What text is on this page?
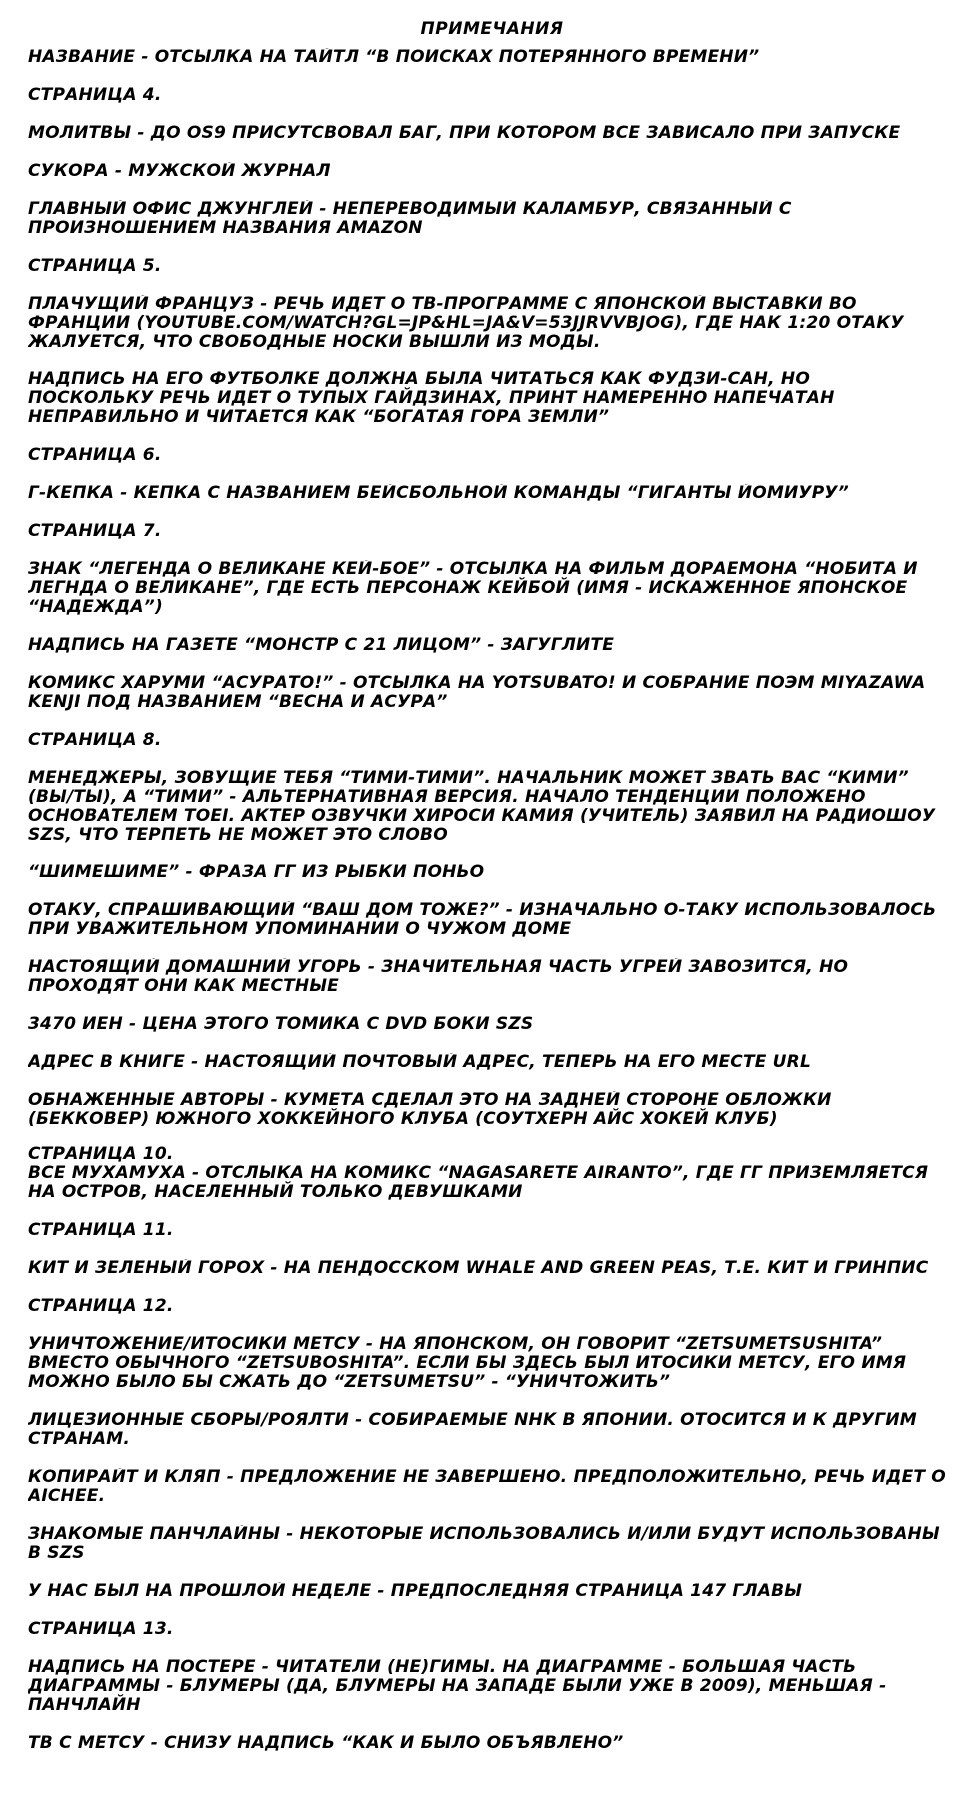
ПРИМЕЧАНИЯ
НАЗВАНИЕ - ОТСЫЛКА НА ТАЙТЛ “В ПОИСКАХ ПОТЕРЯННОГО ВРЕМЕНИ”
СТРАНИЦА 4.
МОЛИТВЫ - ДО OS9 ПРИСУТСВОВАЛ БАГ, ПРИ КОТОРОМ ВСЕ ЗАВИСАЛО ПРИ ЗАПУСКЕ
СУКОРА - МУЖСКОЙ ЖУРНАЛ
ГЛАВНЫЙ ОФИС ДЖУНГЛЕЙ - НЕПЕРЕВОДИМЫЙ КАЛАМБУР, СВЯЗАННЫЙ С
ПРОИЗНОШЕНИЕМ НАЗВАНИЯ AMAZON
СТРАНИЦА 5.
ПЛАЧУЩИЙ ФРАНЦУЗ - РЕЧЬ ИДЕТ О ТВ-ПРОГРАММЕ С ЯПОНСКОЙ ВЫСТАВКИ ВО
ФРАНЦИИ (YOUTUBE.COM/WATCH?GL=JP&HL=JA&V=53JJRVVBJOG), ГДЕ НАК 1:20 ОТАКУ
ЖАЛУЕТСЯ, ЧТО СВОБОДНЫЕ НОСКИ ВЫШЛИ ИЗ МОДЫ.
НАДПИСЬ НА ЕГО ФУТБОЛКЕ ДОЛЖНА БЫЛА ЧИТАТЬСЯ КАК ФУДЗИ-САН, НО
ПОСКОЛЬКУ РЕЧЬ ИДЕТ О ТУПЫХ ГАЙДЗИНАХ, ПРИНТ НАМЕРЕННО НАПЕЧАТАН
НЕПРАВИЛЬНО И ЧИТАЕТСЯ КАК “БОГАТАЯ ГОРА ЗЕМЛИ”
СТРАНИЦА 6.
Г-КЕПКА - КЕПКА С НАЗВАНИЕМ БЕЙСБОЛЬНОЙ КОМАНДЫ “ГИГАНТЫ ЙОМИУРУ”
СТРАНИЦА 7.
ЗНАК “ЛЕГЕНДА О ВЕЛИКАНЕ КЕЙ-БОЕ” - ОТСЫЛКА НА ФИЛЬМ ДОРАЕМОНА “НОБИТА И
ЛЕГНДА О ВЕЛИКАНЕ”, ГДЕ ЕСТЬ ПЕРСОНАЖ КЕЙБОЙ (ИМЯ - ИСКАЖЕННОЕ ЯПОНСКОЕ
“НАДЕЖДА”)
НАДПИСЬ НА ГАЗЕТЕ “МОНСТР С 21 ЛИЦОМ” - ЗАГУГЛИТЕ
КОМИКС ХАРУМИ “АСУРАТО!” - ОТСЫЛКА НА YOTSUBATO! И СОБРАНИЕ ПОЭМ MIYAZAWA
KENJI ПОД НАЗВАНИЕМ “ВЕСНА И АСУРА”
СТРАНИЦА 8.
МЕНЕДЖЕРЫ, ЗОВУЩИЕ ТЕБЯ “ТИМИ-ТИМИ”. НАЧАЛЬНИК МОЖЕТ ЗВАТЬ ВАС “КИМИ”
(ВЫ/ТЫ), А “ТИМИ” - АЛЬТЕРНАТИВНАЯ ВЕРСИЯ. НАЧАЛО ТЕНДЕНЦИИ ПОЛОЖЕНО
ОСНОВАТЕЛЕМ TOEI. АКТЕР ОЗВУЧКИ ХИРОСИ КАМИЯ (УЧИТЕЛЬ) ЗАЯВИЛ НА РАДИОШОУ
SZS, ЧТО ТЕРПЕТЬ НЕ МОЖЕТ ЭТО СЛОВО
“ШИМЕШИМЕ” - ФРАЗА ГГ ИЗ РЫБКИ ПОНЬО
ОТАКУ, СПРАШИВАЮЩИЙ “ВАШ ДОМ ТОЖЕ?” - ИЗНАЧАЛЬНО О-ТАКУ ИСПОЛЬЗОВАЛОСЬ
ПРИ УВАЖИТЕЛЬНОМ УПОМИНАНИИ О ЧУЖОМ ДОМЕ
НАСТОЯЩИЙ ДОМАШНИЙ УГОРЬ - ЗНАЧИТЕЛЬНАЯ ЧАСТЬ УГРЕЙ ЗАВОЗИТСЯ, НО
ПРОХОДЯТ ОНИ КАК МЕСТНЫЕ
3470 ИЕН - ЦЕНА ЭТОГО ТОМИКА С DVD БОКИ SZS
АДРЕС В КНИГЕ - НАСТОЯЩИЙ ПОЧТОВЫЙ АДРЕС, ТЕПЕРЬ НА ЕГО МЕСТЕ URL
ОБНАЖЕННЫЕ АВТОРЫ - КУМЕТА СДЕЛАЛ ЭТО НА ЗАДНЕЙ СТОРОНЕ ОБЛОЖКИ
(БЕККОВЕР) ЮЖНОГО ХОККЕЙНОГО КЛУБА (СОУТХЕРН АЙС ХОКЕЙ КЛУБ)
СТРАНИЦА 10.
ВСЕ МУХАМУХА - ОТСЛЫКА НА КОМИКС “NAGASARETE AIRANTO”, ГДЕ ГГ ПРИЗЕМЛЯЕТСЯ
НА ОСТРОВ, НАСЕЛЕННЫЙ ТОЛЬКО ДЕВУШКАМИ
СТРАНИЦА 11.
КИТ И ЗЕЛЕНЫЙ ГОРОХ - НА ПЕНДОССКОМ WHALE AND GREEN PEAS, Т.Е. КИТ И ГРИНПИС
СТРАНИЦА 12.
УНИЧТОЖЕНИЕ/ИТОСИКИ МЕТСУ - НА ЯПОНСКОМ, ОН ГОВОРИТ “ZETSUMETSUSHITA”
ВМЕСТО ОБЫЧНОГО “ZETSUBOSHITA”. ЕСЛИ БЫ ЗДЕСЬ БЫЛ ИТОСИКИ МЕТСУ, ЕГО ИМЯ
МОЖНО БЫЛО БЫ СЖАТЬ ДО “ZETSUMETSU” - “УНИЧТОЖИТЬ”
ЛИЦЕЗИОННЫЕ СБОРЫ/РОЯЛТИ - СОБИРАЕМЫЕ NHK В ЯПОНИИ. ОТОСИТСЯ И К ДРУГИМ
СТРАНАМ.
КОПИРАЙТ И КЛЯП - ПРЕДЛОЖЕНИЕ НЕ ЗАВЕРШЕНО. ПРЕДПОЛОЖИТЕЛЬНО, РЕЧЬ ИДЕТ О
AICHEE.
ЗНАКОМЫЕ ПАНЧЛАЙНЫ - НЕКОТОРЫЕ ИСПОЛЬЗОВАЛИСЬ И/ИЛИ БУДУТ ИСПОЛЬЗОВАНЫ
В SZS
У НАС БЫЛ НА ПРОШЛОЙ НЕДЕЛЕ - ПРЕДПОСЛЕДНЯЯ СТРАНИЦА 147 ГЛАВЫ
СТРАНИЦА 13.
НАДПИСЬ НА ПОСТЕРЕ - ЧИТАТЕЛИ (НЕ)ГИМЫ. НА ДИАГРАММЕ - БОЛЬШАЯ ЧАСТЬ
ДИАГРАММЫ - БЛУМЕРЫ (ДА, БЛУМЕРЫ НА ЗАПАДЕ БЫЛИ УЖЕ В 2009), МЕНЬШАЯ -
ПАНЧЛАЙН
ТВ С МЕТСУ - СНИЗУ НАДПИСЬ “КАК И БЫЛО ОБЪЯВЛЕНО”
